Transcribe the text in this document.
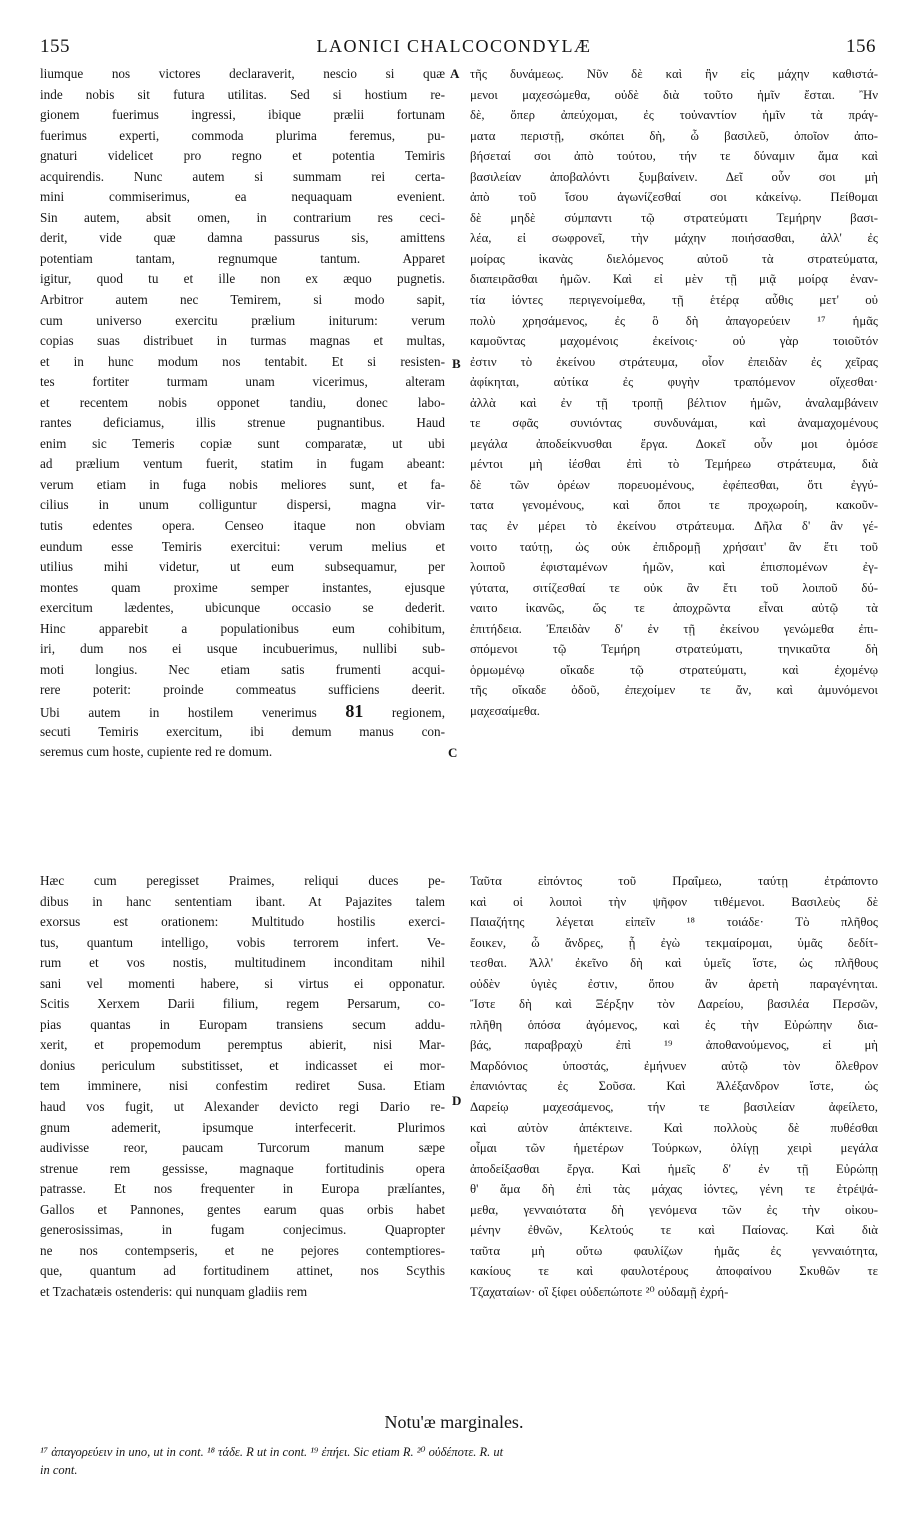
155	LAONICI CHALCOCONDYLÆ	156
liumque nos victores declaraverit, nescio si quæ
inde nobis sit futura utilitas. Sed si hostium re-
gionem fuerimus ingressi, ibique prælii fortunam
fuerimus experti, commoda plurima feremus, pu-
gnaturi videlicet pro regno et potentia Temiris
acquirendis. Nunc autem si summam rei certa-
mini commiserimus, ea nequaquam evenient.
Sin autem, absit omen, in contrarium res ceci-
derit, vide quæ damna passurus sis, amittens
potentiam tantam, regnumque tantum. Apparet
igitur, quod tu et ille non ex æquo pugnetis.
Arbitror autem nec Temirem, si modo sapit,
cum universo exercitu prælium initurum: verum
copias suas distribuet in turmas magnas et multas,
et in hunc modum nos tentabit. Et si resisten-
tes fortiter turmam unam vicerimus, alteram
et recentem nobis opponet tandiu, donec labo-
rantes deficiamus, illis strenue pugnantibus. Haud
enim sic Temeris copiæ sunt comparatæ, ut ubi
ad prælium ventum fuerit, statim in fugam abeant:
verum etiam in fuga nobis meliores sunt, et fa-
cilius in unum colliguntur dispersi, magna vir-
tutis edentes opera. Censeo itaque non obviam
eundum esse Temiris exercitui: verum melius et
utilius mihi videtur, ut eum subsequamur, per
montes quam proxime semper instantes, ejusque
exercitum lædentes, ubicunque occasio se dederit.
Hinc apparebit a populationibus eum cohibitum,
iri, dum nos ei usque incubuerimus, nullibi sub-
moti longius. Nec etiam satis frumenti acqui-
rere poterit: proinde commeatus sufficiens deerit.
Ubi autem in hostilem venerimus 81 regionem,
secuti Temiris exercitum, ibi demum manus con-
seremus cum hoste, cupiente red re domum.
τῆς δυνάμεως. Νῦν δὲ καὶ ἢν εἰς μάχην καθιστά-
μενοι μαχεσώμεθα, οὐδὲ διὰ τοῦτο ἡμῖν ἔσται. Ἢν
δὲ, ὅπερ ἀπεύχομαι, ἐς τοὐναντίον ἡμῖν τὰ πράγ-
ματα περιστῇ, σκόπει δὴ, ὦ βασιλεῦ, ὁποῖον ἀπο-
βήσεταί σοι ἀπὸ τούτου, τήν τε δύναμιν ἅμα καὶ
βασιλείαν ἀποβαλόντι ξυμβαίνειν. Δεῖ οὖν σοι μὴ
ἀπὸ τοῦ ἴσου ἀγωνίζεσθαί σοι κἀκείνῳ. Πείθομαι
δὲ μηδὲ σύμπαντι τῷ στρατεύματι Τεμήρην βασι-
λέα, εἰ σωφρονεῖ, τὴν μάχην ποιήσασθαι, ἀλλ' ἐς
μοίρας ἱκανὰς διελόμενος αὐτοῦ τὰ στρατεύματα,
διαπειρᾶσθαι ἡμῶν. Καὶ εἰ μὲν τῇ μιᾷ μοίρᾳ ἐναν-
τία ἰόντες περιγενοίμεθα, τῇ ἑτέρᾳ αὖθις μετ' οὐ
πολὺ χρησάμενος, ἐς ὃ δὴ ἀπαγορεύειν ¹⁷ ἡμᾶς
καμοῦντας μαχομένοις ἐκείνοις· οὐ γὰρ τοιοῦτόν
ἐστιν τὸ ἐκείνου στράτευμα, οἷον ἐπειδὰν ἐς χεῖρας
ἀφίκηται, αὐτίκα ἐς φυγὴν τραπόμενον οἴχεσθαι·
ἀλλὰ καὶ ἐν τῇ τροπῇ βέλτιον ἡμῶν, ἀναλαμβάνειν
τε σφᾶς συνιόντας συνδυνάμαι, καὶ ἀναμαχομένους
μεγάλα ἀποδείκνυσθαι ἔργα. Δοκεῖ οὖν μοι ὁμόσε
μέντοι μὴ ἰέσθαι ἐπὶ τὸ Τεμήρεω στράτευμα, διὰ
δὲ τῶν ὀρέων πορευομένους, ἐφέπεσθαι, ὅτι ἐγγύ-
τατα γενομένους, καὶ ὅποι τε προχωροίη, κακοῦν-
τας ἐν μέρει τὸ ἐκείνου στράτευμα. Δῆλα δ' ἂν γέ-
νοιτο ταύτῃ, ὡς οὐκ ἐπιδρομῇ χρήσαιτ' ἂν ἔτι τοῦ
λοιποῦ ἐφισταμένων ἡμῶν, καὶ ἐπισπομένων ἐγ-
γύτατα, σιτίζεσθαί τε οὐκ ἂν ἔτι τοῦ λοιποῦ δύ-
ναιτο ἱκανῶς, ὥς τε ἀποχρῶντα εἶναι αὐτῷ τὰ
ἐπιτήδεια. Ἐπειδὰν δ' ἐν τῇ ἐκείνου γενώμεθα ἐπι-
σπόμενοι τῷ Τεμήρη στρατεύματι, τηνικαῦτα δὴ
ὁρμωμένῳ οἴκαδε τῷ στρατεύματι, καὶ ἐχομένῳ
τῆς οἴκαδε ὁδοῦ, ἐπεχοίμεν τε ἄν, καὶ ἀμυνόμενοι
μαχεσαίμεθα.
Hæc cum peregisset Praimes, reliqui duces pe-
dibus in hanc sententiam ibant. At Pajazites talem
exorsus est orationem: Multitudo hostilis exerci-
tus, quantum intelligo, vobis terrorem infert. Ve-
rum et vos nostis, multitudinem inconditam nihil
sani vel momenti habere, si virtus ei opponatur.
Scitis Xerxem Darii filium, regem Persarum, co-
pias quantas in Europam transiens secum addu-
xerit, et propemodum peremptus abierit, nisi Mar-
donius periculum substitisset, et indicasset ei mor-
tem imminere, nisi confestim rediret Susa. Etiam
haud vos fugit, ut Alexander devicto regi Dario re-
gnum ademerit, ipsumque interfecerit. Plurimos
audivisse reor, paucam Turcorum manum sæpe
strenue rem gessisse, magnaque fortitudinis opera
patrasse. Et nos frequenter in Europa prælíantes,
Gallos et Pannones, gentes earum quas orbis habet
generosissimas, in fugam conjecimus. Quapropter
ne nos contempseris, et ne pejores contemptiores-
que, quantum ad fortitudinem attinet, nos Scythis
et Tzachatæis ostenderis: qui nunquam gladiis rem
Ταῦτα εἰπόντος τοῦ Πραΐμεω, ταύτῃ ἐτράποντο
καὶ οἱ λοιποὶ τὴν ψῆφον τιθέμενοι. Βασιλεὺς δὲ
Παιαζήτης λέγεται εἰπεῖν ¹⁸ τοιάδε· Τὸ πλῆθος
ἔοικεν, ὦ ἄνδρες, ᾗ ἐγὼ τεκμαίρομαι, ὑμᾶς δεδίτ-
τεσθαι. Ἀλλ' ἐκεῖνο δὴ καὶ ὑμεῖς ἴστε, ὡς πλῆθους
οὐδὲν ὑγιὲς ἐστιν, ὅπου ἂν ἀρετὴ παραγένηται.
Ἴστε δὴ καὶ Ξέρξην τὸν Δαρείου, βασιλέα Περσῶν,
πλῆθη ὁπόσα ἀγόμενος, καὶ ἐς τὴν Εὐρώπην δια-
βάς, παραβραχὺ ἐπὶ ¹⁹ ἀποθανούμενος, εἰ μὴ
Μαρδόνιος ὑποστάς, ἐμήνυεν αὐτῷ τὸν ὄλεθρον
ἐπανιόντας ἐς Σοῦσα. Καὶ Ἀλέξανδρον ἴστε, ὡς
Δαρείῳ μαχεσάμενος, τήν τε βασιλείαν ἀφείλετο,
καὶ αὐτὸν ἀπέκτεινε. Καὶ πολλοὺς δὲ πυθέσθαι
οἶμαι τῶν ἡμετέρων Τούρκων, ὀλίγῃ χειρὶ μεγάλα
ἀποδείξασθαι ἔργα. Καὶ ἡμεῖς δ' ἐν τῇ Εὐρώπῃ
θ' ἅμα δὴ ἐπὶ τὰς μάχας ἰόντες, γένη τε ἐτρέψά-
μεθα, γενναιότατα δὴ γενόμενα τῶν ἐς τὴν οἰκου-
μένην ἐθνῶν, Κελτούς τε καὶ Παίονας. Καὶ διὰ
ταῦτα μὴ οὕτω φαυλίζων ἡμᾶς ἐς γενναιότητα,
κακίους τε καὶ φαυλοτέρους ἀποφαίνου Σκυθῶν τε
Τζαχαταίων· οἳ ξίφει οὐδεπώποτε ²⁰ οὐδαμῇ ἐχρή-
A
B
C
D
Notu'æ marginales.
¹⁷ ἀπαγορεύειν in uno, ut in cont. ¹⁸ τάδε. R ut in cont. ¹⁹ ἐπήει. Sic etiam R. ²⁰ οὐδέποτε. R. ut
in cont.
